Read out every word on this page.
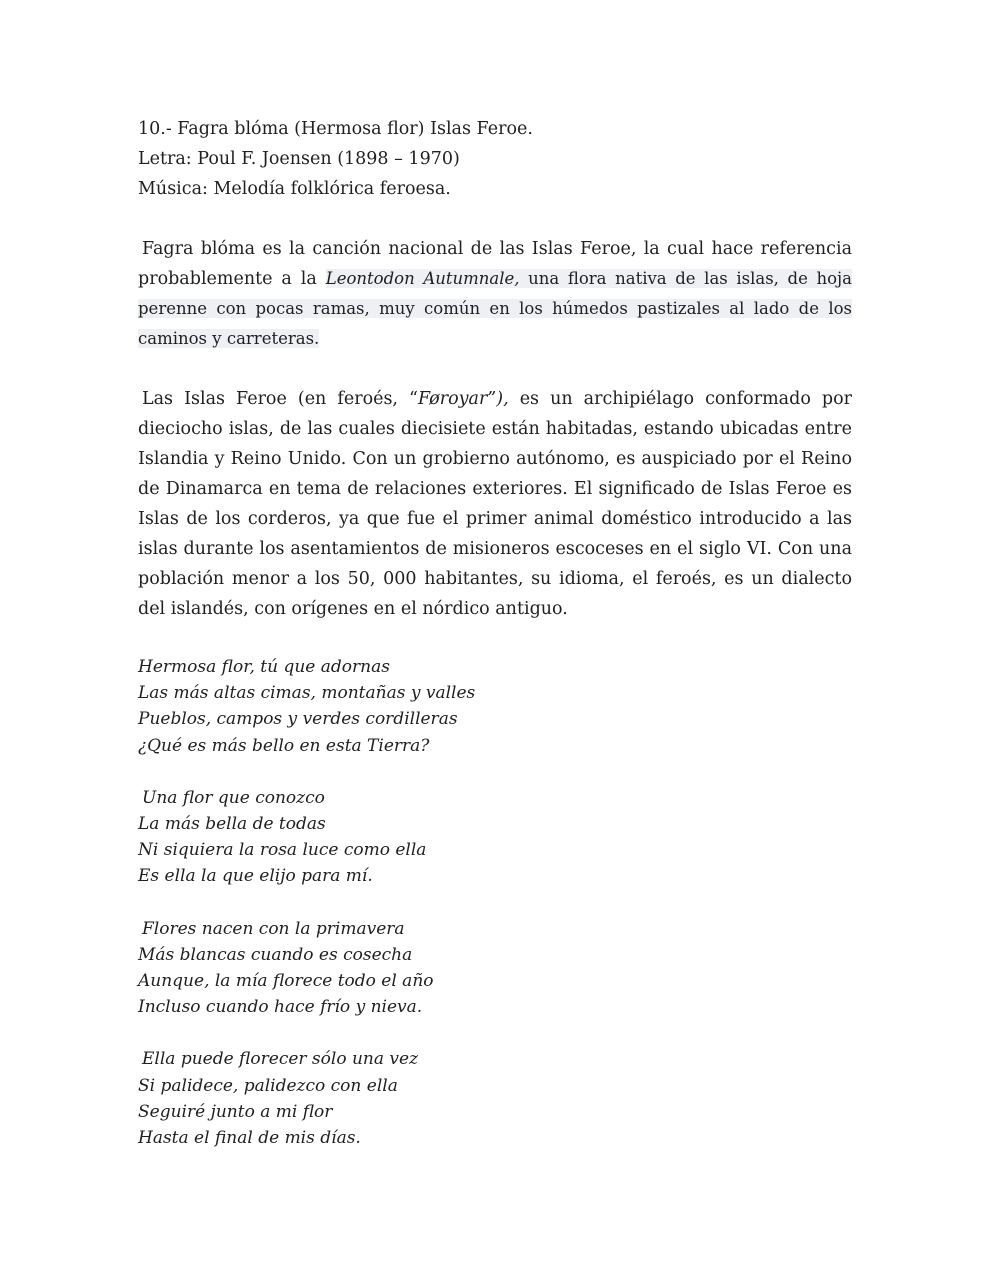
10.- Fagra blóma (Hermosa flor) Islas Feroe.
Letra: Poul F. Joensen (1898 – 1970)
Música: Melodía folklórica feroesa.

Fagra blóma es la canción nacional de las Islas Feroe, la cual hace referencia probablemente a la Leontodon Autumnale, una flora nativa de las islas, de hoja perenne con pocas ramas, muy común en los húmedos pastizales al lado de los caminos y carreteras.

Las Islas Feroe (en feroés, “Føroyar”), es un archipiélago conformado por dieciocho islas, de las cuales diecisiete están habitadas, estando ubicadas entre Islandia y Reino Unido. Con un grobierno autónomo, es auspiciado por el Reino de Dinamarca en tema de relaciones exteriores. El significado de Islas Feroe es Islas de los corderos, ya que fue el primer animal doméstico introducido a las islas durante los asentamientos de misioneros escoceses en el siglo VI. Con una población menor a los 50, 000 habitantes, su idioma, el feroés, es un dialecto del islandés, con orígenes en el nórdico antiguo.

Hermosa flor, tú que adornas
Las más altas cimas, montañas y valles
Pueblos, campos y verdes cordilleras
¿Qué es más bello en esta Tierra?
Una flor que conozco
La más bella de todas
Ni siquiera la rosa luce como ella
Es ella la que elijo para mí.
Flores nacen con la primavera
Más blancas cuando es cosecha
Aunque, la mía florece todo el año
Incluso cuando hace frío y nieva.
Ella puede florecer sólo una vez
Si palidece, palidezco con ella
Seguiré junto a mi flor
Hasta el final de mis días.
